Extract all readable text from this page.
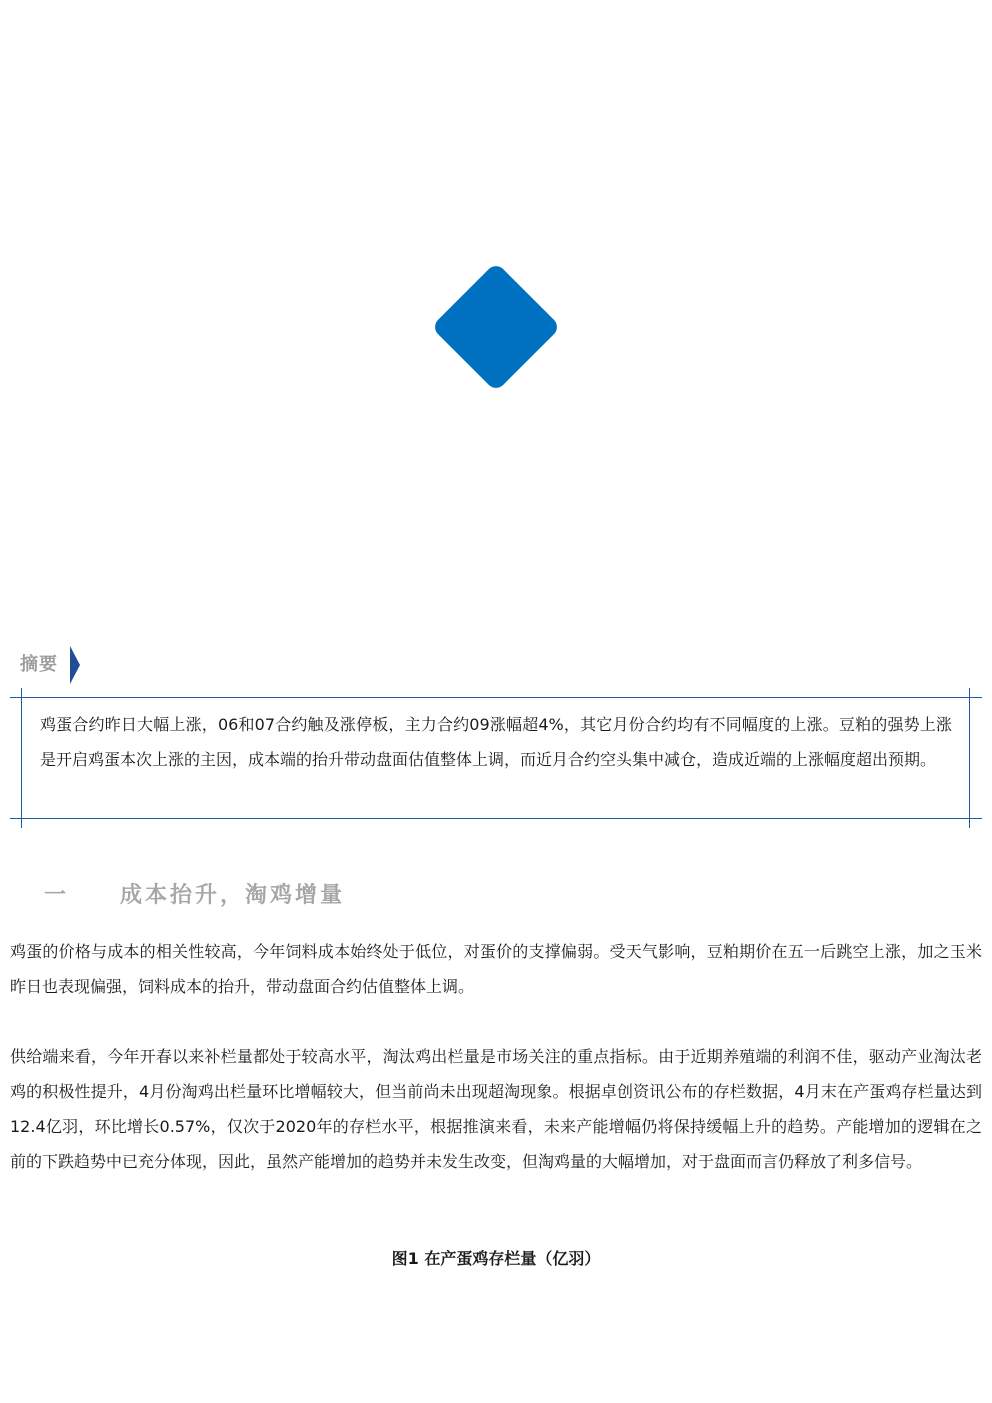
摘要

鸡蛋合约昨日大幅上涨，06和07合约触及涨停板，主力合约09涨幅超4%，其它月份合约均有不同幅度的上涨。豆粕的强势上涨是开启鸡蛋本次上涨的主因，成本端的抬升带动盘面估值整体上调，而近月合约空头集中减仓，造成近端的上涨幅度超出预期。

一 成本抬升，淘鸡增量

鸡蛋的价格与成本的相关性较高，今年饲料成本始终处于低位，对蛋价的支撑偏弱。受天气影响，豆粕期价在五一后跳空上涨，加之玉米昨日也表现偏强，饲料成本的抬升，带动盘面合约估值整体上调。

供给端来看，今年开春以来补栏量都处于较高水平，淘汰鸡出栏量是市场关注的重点指标。由于近期养殖端的利润不佳，驱动产业淘汰老鸡的积极性提升，4月份淘鸡出栏量环比增幅较大，但当前尚未出现超淘现象。根据卓创资讯公布的存栏数据，4月末在产蛋鸡存栏量达到12.4亿羽，环比增长0.57%，仅次于2020年的存栏水平，根据推演来看，未来产能增幅仍将保持缓幅上升的趋势。产能增加的逻辑在之前的下跌趋势中已充分体现，因此，虽然产能增加的趋势并未发生改变，但淘鸡量的大幅增加，对于盘面而言仍释放了利多信号。

图1 在产蛋鸡存栏量（亿羽）
